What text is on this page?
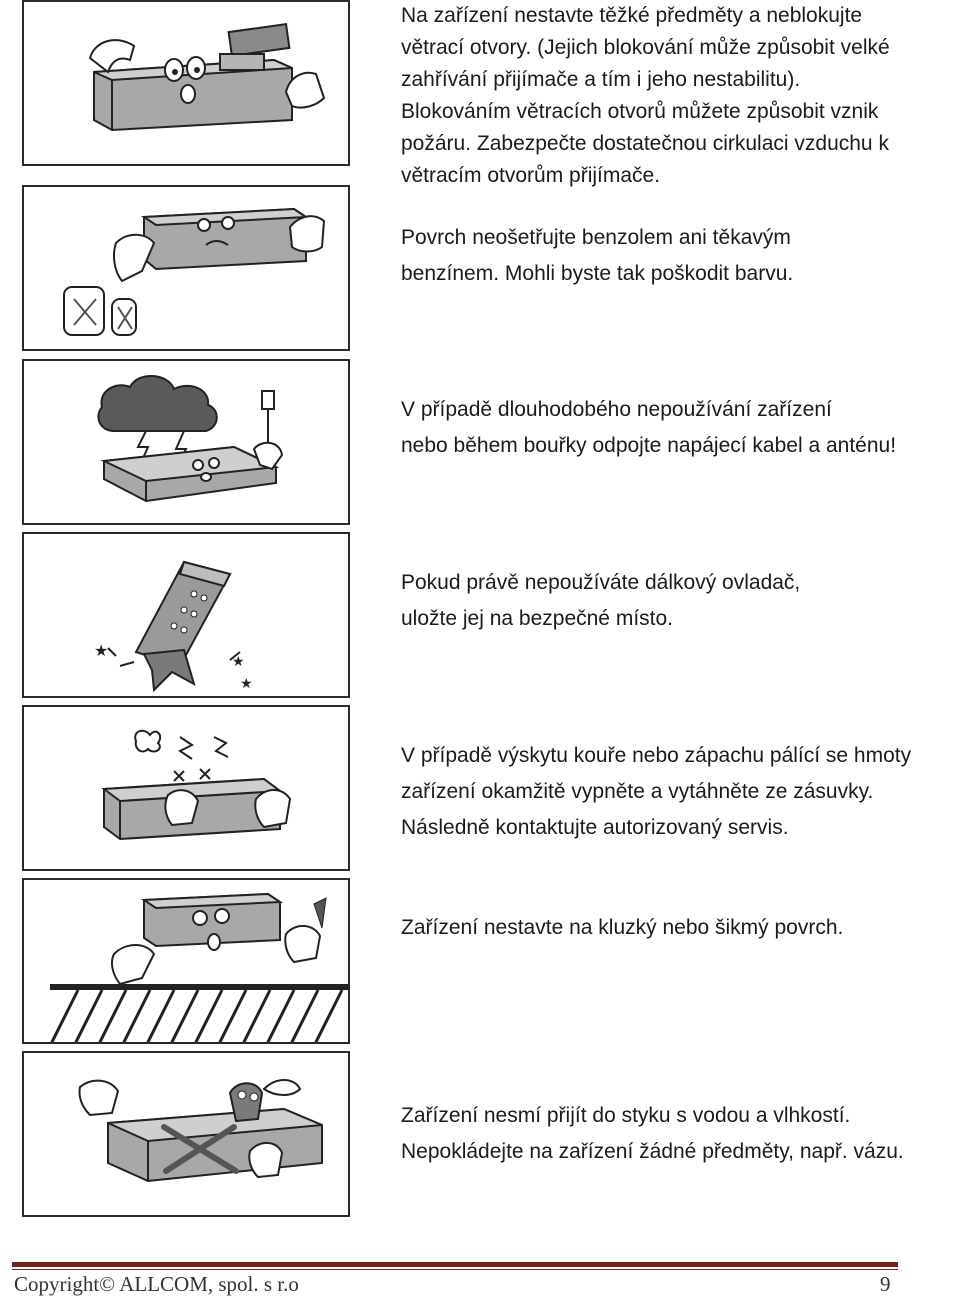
★
★
★
Na zařízení nestavte těžké předměty a neblokujte
větrací otvory. (Jejich blokování může způsobit velké
zahřívání přijímače a tím i jeho nestabilitu).
Blokováním větracích otvorů můžete způsobit vznik
požáru. Zabezpečte dostatečnou cirkulaci vzduchu k
větracím otvorům přijímače.
Povrch neošetřujte benzolem ani těkavým
benzínem. Mohli byste tak poškodit barvu.
V případě dlouhodobého nepoužívání zařízení
nebo během bouřky odpojte napájecí kabel a anténu!
Pokud právě nepoužíváte dálkový ovladač,
uložte jej na bezpečné místo.
V případě výskytu kouře nebo zápachu pálící se hmoty
zařízení okamžitě vypněte a vytáhněte ze zásuvky.
Následně kontaktujte autorizovaný servis.
Zařízení nestavte na kluzký nebo šikmý povrch.
Zařízení nesmí přijít do styku s vodou a vlhkostí.
Nepokládejte na zařízení žádné předměty, např. vázu.
Copyright© ALLCOM, spol. s r.o	9
